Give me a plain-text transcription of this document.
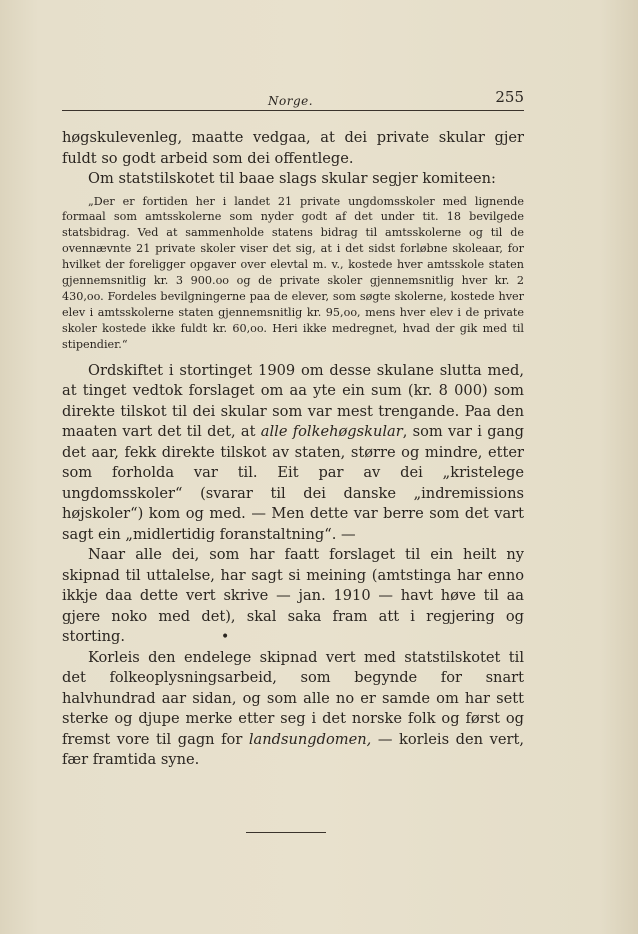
Norge.	255

høgskulevenleg, maatte vedgaa, at dei private skular gjer fuldt so godt arbeid som dei offentlege.

Om statstilskotet til baae slags skular segjer komiteen:

„Der er fortiden her i landet 21 private ungdomsskoler med lignende formaal som amtsskolerne som nyder godt af det under tit. 18 bevilgede statsbidrag. Ved at sammenholde statens bidrag til amtsskolerne og til de ovennævnte 21 private skoler viser det sig, at i det sidst forløbne skoleaar, for hvilket der foreligger opgaver over elevtal m. v., kostede hver amtsskole staten gjennemsnitlig kr. 3 900.oo og de private skoler gjennemsnitlig hver kr. 2 430,oo. Fordeles bevilgningerne paa de elever, som søgte skolerne, kostede hver elev i amtsskolerne staten gjennemsnitlig kr. 95,oo, mens hver elev i de private skoler kostede ikke fuldt kr. 60,oo. Heri ikke medregnet, hvad der gik med til stipendier.“

Ordskiftet i stortinget 1909 om desse skulane slutta med, at tinget vedtok forslaget om aa yte ein sum (kr. 8 000) som direkte tilskot til dei skular som var mest trengande. Paa den maaten vart det til det, at alle folkehøgskular, som var i gang det aar, fekk direkte tilskot av staten, større og mindre, etter som forholda var til. Eit par av dei „kristelege ungdomsskoler“ (svarar til dei danske „indremissions højskoler“) kom og med. — Men dette var berre som det vart sagt ein „midlertidig foranstaltning“. —

Naar alle dei, som har faatt forslaget til ein heilt ny skipnad til uttalelse, har sagt si meining (amtstinga har enno ikkje daa dette vert skrive — jan. 1910 — havt høve til aa gjere noko med det), skal saka fram att i regjering og storting.	•

Korleis den endelege skipnad vert med statstilskotet til det folkeoplysningsarbeid, som begynde for snart halvhundrad aar sidan, og som alle no er samde om har sett sterke og djupe merke etter seg i det norske folk og først og fremst vore til gagn for landsungdomen, — korleis den vert, fær framtida syne.
